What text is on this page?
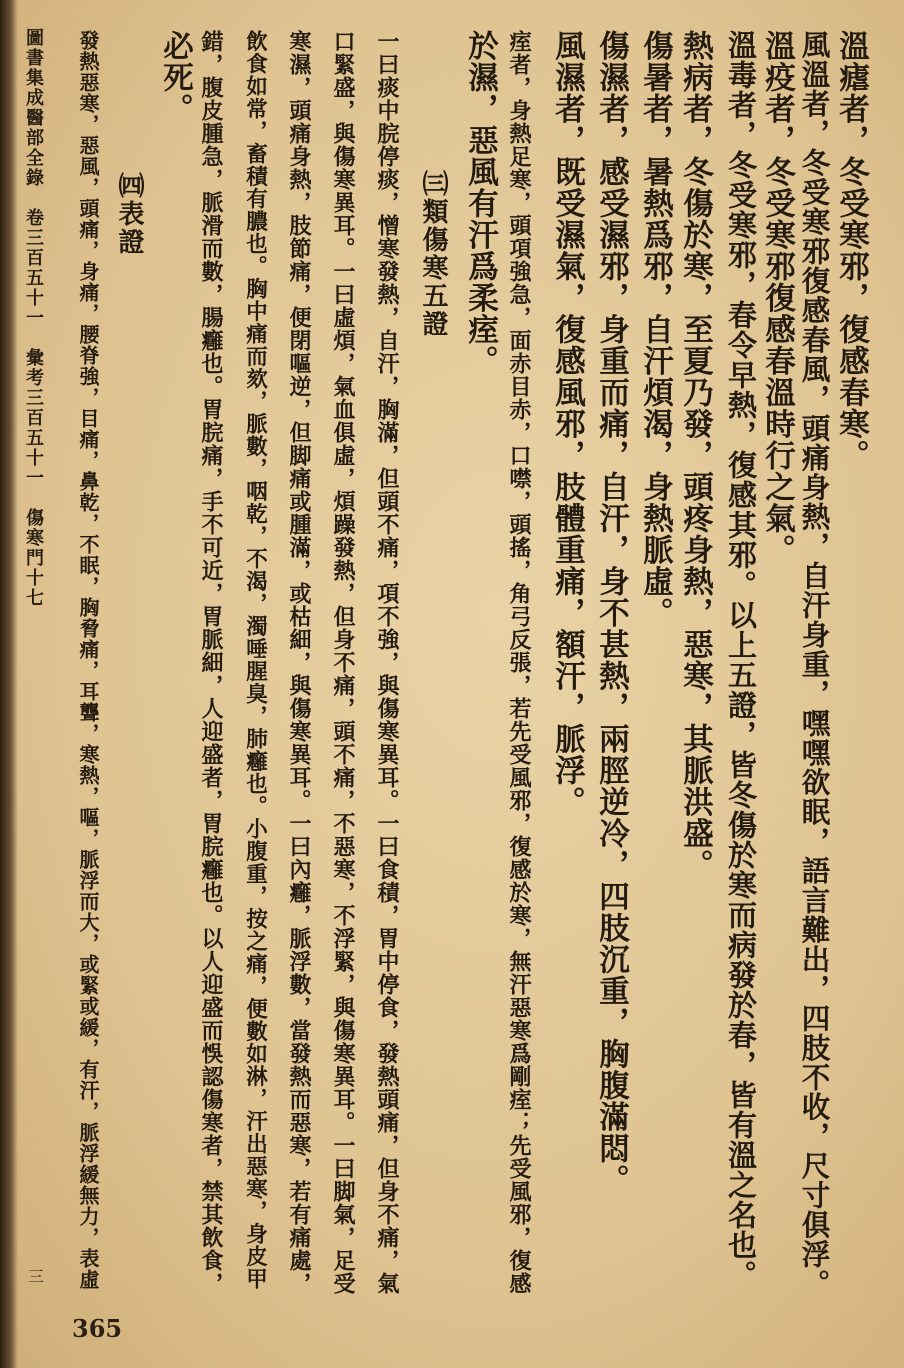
溫瘧者，冬受寒邪，復感春寒。
風溫者，冬受寒邪復感春風，頭痛身熱，自汗身重，嘿嘿欲眠，語言難出，四肢不收，尺寸俱浮。
溫疫者，冬受寒邪復感春溫時行之氣。
溫毒者，冬受寒邪，春令早熱，復感其邪。以上五證，皆冬傷於寒而病發於春，皆有溫之名也。
熱病者，冬傷於寒，至夏乃發，頭疼身熱，惡寒，其脈洪盛。
傷暑者，暑熱爲邪，自汗煩渴，身熱脈虛。
傷濕者，感受濕邪，身重而痛，自汗，身不甚熱，兩脛逆冷，四肢沉重，胸腹滿悶。
風濕者，既受濕氣，復感風邪，肢體重痛，額汗，脈浮。
痓者，身熱足寒，頭項強急，面赤目赤，口噤，頭搖，角弓反張，若先受風邪，復感於寒，無汗惡寒爲剛痓；先受風邪，復感
於濕，惡風有汗爲柔痓。
㈢類傷寒五證
一曰痰中脘停痰，憎寒發熱，自汗，胸滿，但頭不痛，項不強，與傷寒異耳。一曰食積，胃中停食，發熱頭痛，但身不痛，氣
口緊盛，與傷寒異耳。一曰虛煩，氣血俱虛，煩躁發熱，但身不痛，頭不痛，不惡寒，不浮緊，與傷寒異耳。一曰脚氣，足受
寒濕，頭痛身熱，肢節痛，便閉嘔逆，但脚痛或腫滿，或枯細，與傷寒異耳。一曰內癰，脈浮數，當發熱而惡寒，若有痛處，
飲食如常，畜積有膿也。胸中痛而欬，脈數，咽乾，不渴，濁唾腥臭，肺癰也。小腹重，按之痛，便數如淋，汗出惡寒，身皮甲
錯，腹皮腫急，脈滑而數，腸癰也。胃脘痛，手不可近，胃脈細，人迎盛者，胃脘癰也。以人迎盛而悞認傷寒者，禁其飲食，
必死。
㈣表證
發熱惡寒，惡風，頭痛，身痛，腰脊強，目痛，鼻乾，不眠，胸脅痛，耳聾，寒熱，嘔，脈浮而大，或緊或緩，有汗，脈浮緩無力，表虛
圖書集成醫部全錄　卷三百五十一　彙考三百五十一　傷寒門十七
三
365
